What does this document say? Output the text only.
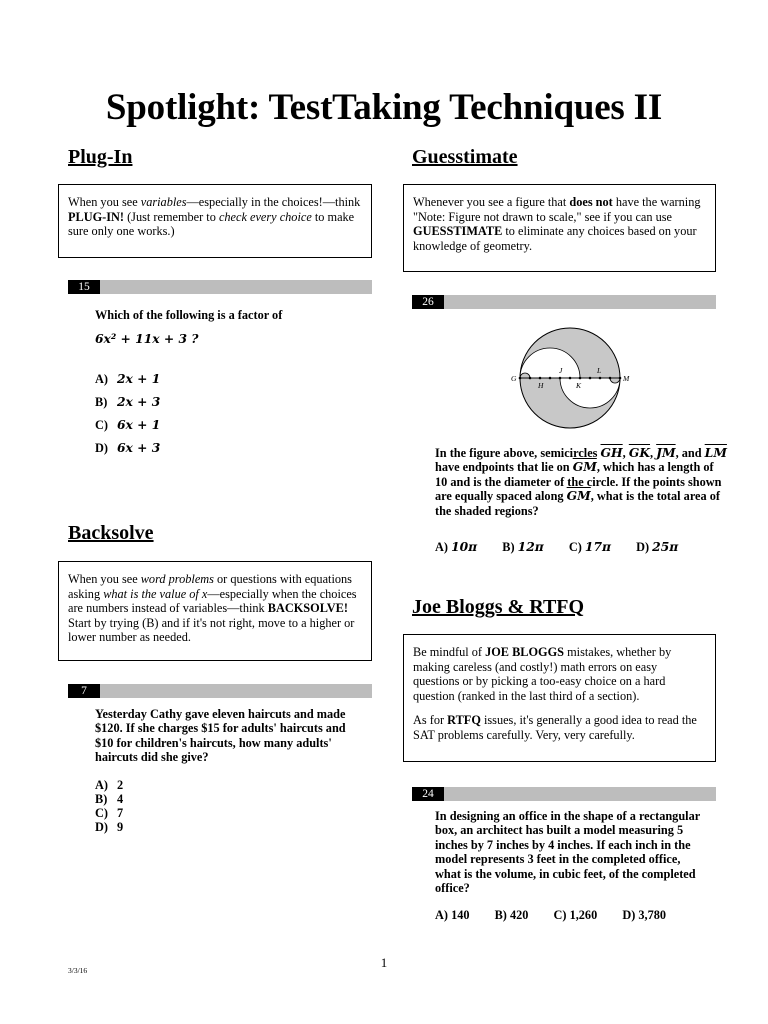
Spotlight: TestTaking Techniques II
Plug-In

When you see variables—especially in the choices!—think PLUG-IN! (Just remember to check every choice to make sure only one works.)

15
Which of the following is a factor of
6x² + 11x + 3 ?
A) 2x + 1
B) 2x + 3
C) 6x + 1
D) 6x + 3
Backsolve

When you see word problems or questions with equations asking what is the value of x—especially when the choices are numbers instead of variables—think BACKSOLVE! Start by trying (B) and if it's not right, move to a higher or lower number as needed.

7
Yesterday Cathy gave eleven haircuts and made $120. If she charges $15 for adults' haircuts and $10 for children's haircuts, how many adults' haircuts did she give?
A) 2
B) 4
C) 7
D) 9
Guesstimate

Whenever you see a figure that does not have the warning "Note: Figure not drawn to scale," see if you can use GUESSTIMATE to eliminate any choices based on your knowledge of geometry.

26
G
H
J
K
L
M
In the figure above, semicircles $\overline{GH}$, $\overline{GK}$, $\overline{JM}$, and $\overline{LM}$ have endpoints that lie on $\overline{GM}$, which has a length of 10 and is the diameter of the circle. If the points shown are equally spaced along $\overline{GM}$, what is the total area of the shaded regions?
A) 10π B) 12π C) 17π D) 25π
Joe Bloggs & RTFQ

Be mindful of JOE BLOGGS mistakes, whether by making careless (and costly!) math errors on easy questions or by picking a too-easy choice on a hard question (ranked in the last third of a section).

As for RTFQ issues, it's generally a good idea to read the SAT problems carefully. Very, very carefully.

24
In designing an office in the shape of a rectangular box, an architect has built a model measuring 5 inches by 7 inches by 4 inches. If each inch in the model represents 3 feet in the completed office, what is the volume, in cubic feet, of the completed office?
A) 140 B) 420 C) 1,260 D) 3,780
1
3/3/16
